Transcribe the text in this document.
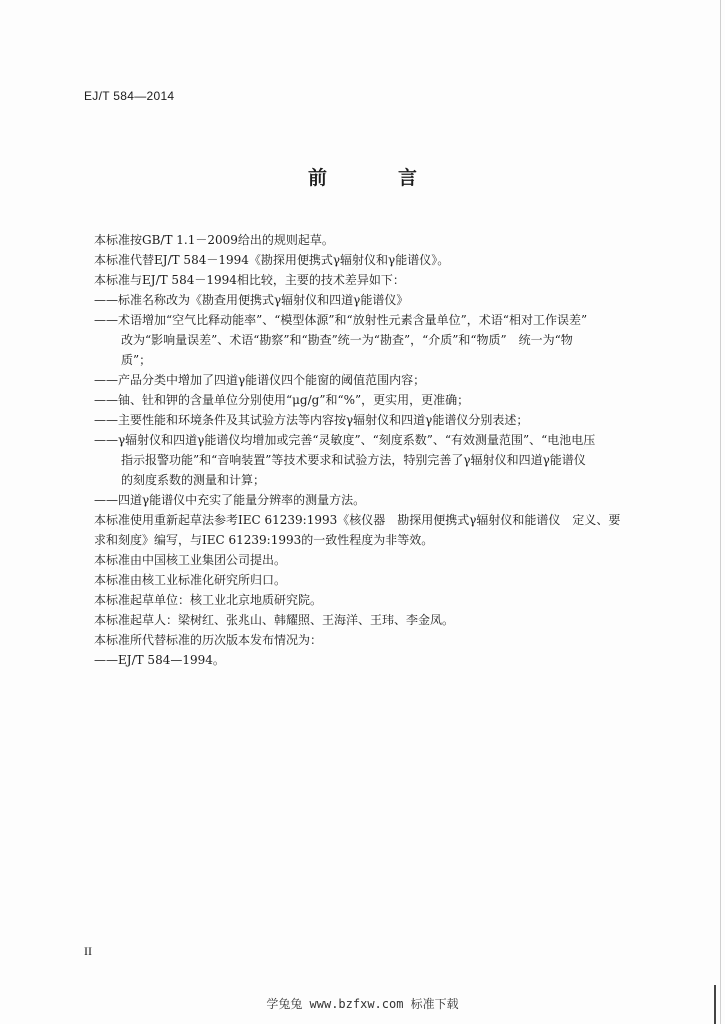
EJ/T 584—2014
前　言
本标准按GB/T 1.1－2009给出的规则起草。
本标准代替EJ/T 584－1994《勘探用便携式γ辐射仪和γ能谱仪》。
本标准与EJ/T 584－1994相比较，主要的技术差异如下：
——标准名称改为《勘查用便携式γ辐射仪和四道γ能谱仪》
——术语增加“空气比释动能率”、“模型体源”和“放射性元素含量单位”，术语“相对工作误差”
改为“影响量误差”、术语“勘察”和“勘查”统一为“勘查”，“介质”和“物质”　统一为“物
质”；
——产品分类中增加了四道γ能谱仪四个能窗的阈值范围内容；
——铀、钍和钾的含量单位分别使用“μg/g”和“%”，更实用，更准确；
——主要性能和环境条件及其试验方法等内容按γ辐射仪和四道γ能谱仪分别表述；
——γ辐射仪和四道γ能谱仪均增加或完善“灵敏度”、“刻度系数”、“有效测量范围”、“电池电压
指示报警功能”和“音响装置”等技术要求和试验方法，特别完善了γ辐射仪和四道γ能谱仪
的刻度系数的测量和计算；
——四道γ能谱仪中充实了能量分辨率的测量方法。
本标准使用重新起草法参考IEC 61239:1993《核仪器　勘探用便携式γ辐射仪和能谱仪　定义、要
求和刻度》编写，与IEC 61239:1993的一致性程度为非等效。
本标准由中国核工业集团公司提出。
本标准由核工业标准化研究所归口。
本标准起草单位：核工业北京地质研究院。
本标准起草人：梁树红、张兆山、韩耀照、王海洋、王玮、李金凤。
本标准所代替标准的历次版本发布情况为：
——EJ/T 584—1994。
II
学兔兔 www.bzfxw.com 标准下载
